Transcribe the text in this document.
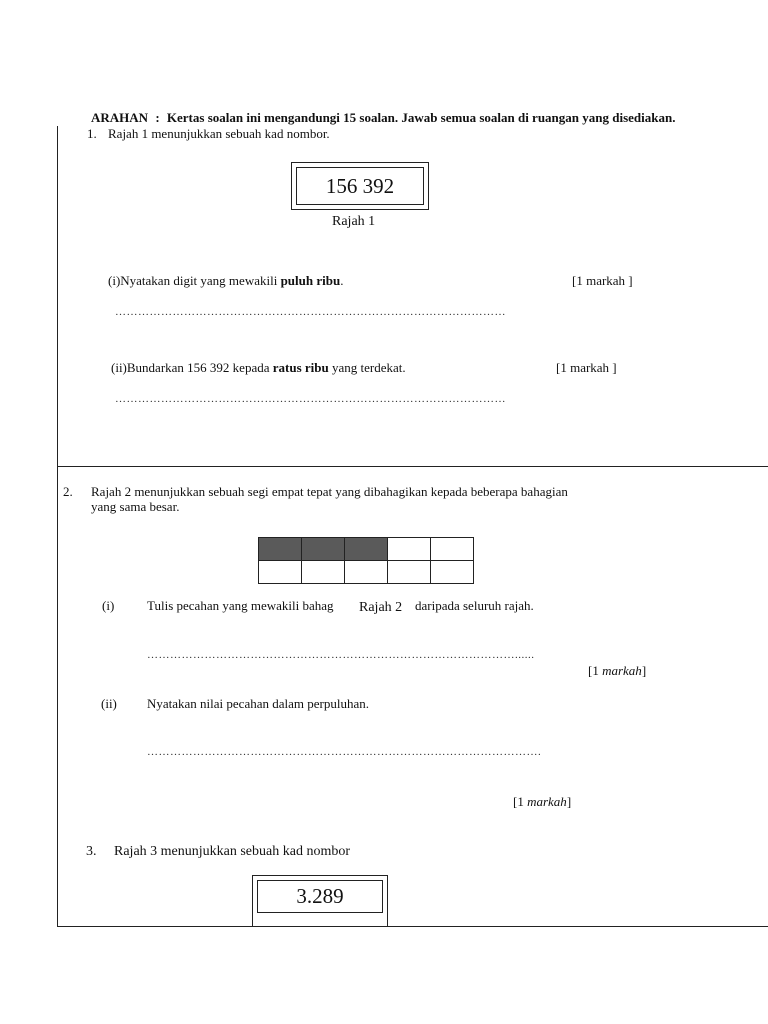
ARAHAN : Kertas soalan ini mengandungi 15 soalan. Jawab semua soalan di ruangan yang disediakan.
1. Rajah 1 menunjukkan sebuah kad nombor.
156 392
Rajah 1
(i)Nyatakan digit yang mewakili puluh ribu.	[1 markah ]
…………………………………………………………………………………………
(ii)Bundarkan 156 392 kepada ratus ribu yang terdekat.	[1 markah ]
…………………………………………………………………………………………
2. Rajah 2 menunjukkan sebuah segi empat tepat yang dibahagikan kepada beberapa bahagian
yang sama besar.

(i)	Tulis pecahan yang mewakili bahag Rajah 2 daripada seluruh rajah.
……………………………………………………………………………………......
[1 markah]
(ii) Nyatakan nilai pecahan dalam perpuluhan.
………………………………………………………………………………………….
[1 markah]
3. Rajah 3 menunjukkan sebuah kad nombor
3.289
